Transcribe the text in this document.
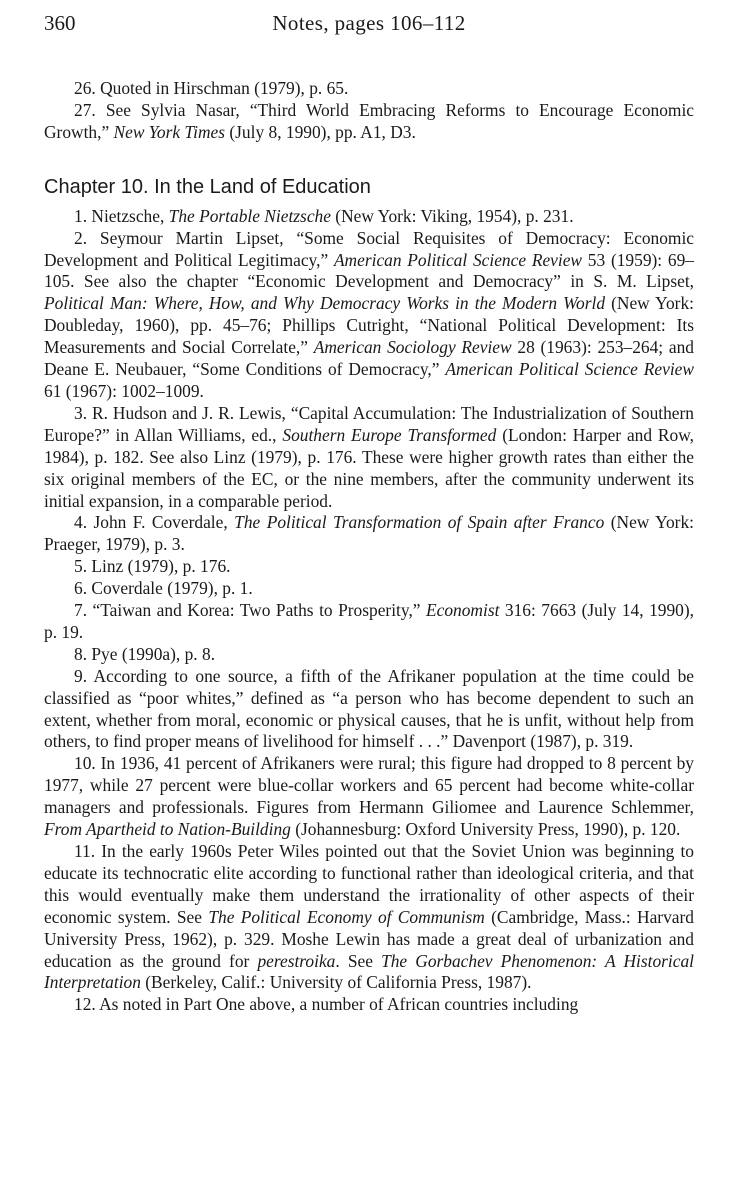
360	Notes, pages 106–112

26. Quoted in Hirschman (1979), p. 65.

27. See Sylvia Nasar, “Third World Embracing Reforms to Encourage Economic Growth,” New York Times (July 8, 1990), pp. A1, D3.

Chapter 10. In the Land of Education

1. Nietzsche, The Portable Nietzsche (New York: Viking, 1954), p. 231.

2. Seymour Martin Lipset, “Some Social Requisites of Democracy: Economic Development and Political Legitimacy,” American Political Science Review 53 (1959): 69–105. See also the chapter “Economic Development and Democracy” in S. M. Lipset, Political Man: Where, How, and Why Democracy Works in the Modern World (New York: Doubleday, 1960), pp. 45–76; Phillips Cutright, “National Political Development: Its Measurements and Social Correlate,” American Sociology Review 28 (1963): 253–264; and Deane E. Neubauer, “Some Conditions of Democracy,” American Political Science Review 61 (1967): 1002–1009.

3. R. Hudson and J. R. Lewis, “Capital Accumulation: The Industrialization of Southern Europe?” in Allan Williams, ed., Southern Europe Transformed (London: Harper and Row, 1984), p. 182. See also Linz (1979), p. 176. These were higher growth rates than either the six original members of the EC, or the nine members, after the community underwent its initial expansion, in a comparable period.

4. John F. Coverdale, The Political Transformation of Spain after Franco (New York: Praeger, 1979), p. 3.

5. Linz (1979), p. 176.

6. Coverdale (1979), p. 1.

7. “Taiwan and Korea: Two Paths to Prosperity,” Economist 316: 7663 (July 14, 1990), p. 19.

8. Pye (1990a), p. 8.

9. According to one source, a fifth of the Afrikaner population at the time could be classified as “poor whites,” defined as “a person who has become dependent to such an extent, whether from moral, economic or physical causes, that he is unfit, without help from others, to find proper means of livelihood for himself . . .” Davenport (1987), p. 319.

10. In 1936, 41 percent of Afrikaners were rural; this figure had dropped to 8 percent by 1977, while 27 percent were blue-collar workers and 65 percent had become white-collar managers and professionals. Figures from Hermann Giliomee and Laurence Schlemmer, From Apartheid to Nation-Building (Johannesburg: Oxford University Press, 1990), p. 120.

11. In the early 1960s Peter Wiles pointed out that the Soviet Union was beginning to educate its technocratic elite according to functional rather than ideological criteria, and that this would eventually make them understand the irrationality of other aspects of their economic system. See The Political Economy of Communism (Cambridge, Mass.: Harvard University Press, 1962), p. 329. Moshe Lewin has made a great deal of urbanization and education as the ground for perestroika. See The Gorbachev Phenomenon: A Historical Interpretation (Berkeley, Calif.: University of California Press, 1987).

12. As noted in Part One above, a number of African countries including
